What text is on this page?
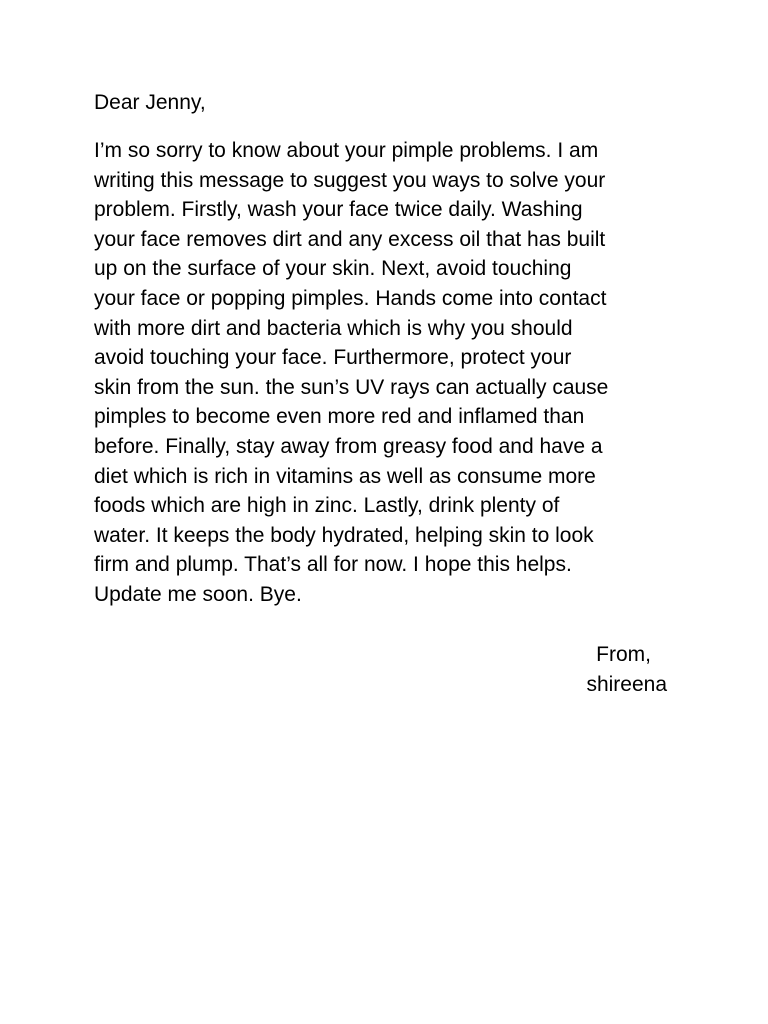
Dear Jenny,
I’m so sorry to know about your pimple problems. I am
writing this message to suggest you ways to solve your
problem. Firstly, wash your face twice daily. Washing
your face removes dirt and any excess oil that has built
up on the surface of your skin. Next, avoid touching
your face or popping pimples. Hands come into contact
with more dirt and bacteria which is why you should
avoid touching your face. Furthermore, protect your
skin from the sun. the sun’s UV rays can actually cause
pimples to become even more red and inflamed than
before. Finally, stay away from greasy food and have a
diet which is rich in vitamins as well as consume more
foods which are high in zinc. Lastly, drink plenty of
water. It keeps the body hydrated, helping skin to look
firm and plump. That’s all for now. I hope this helps.
Update me soon. Bye.
From,
shireena
